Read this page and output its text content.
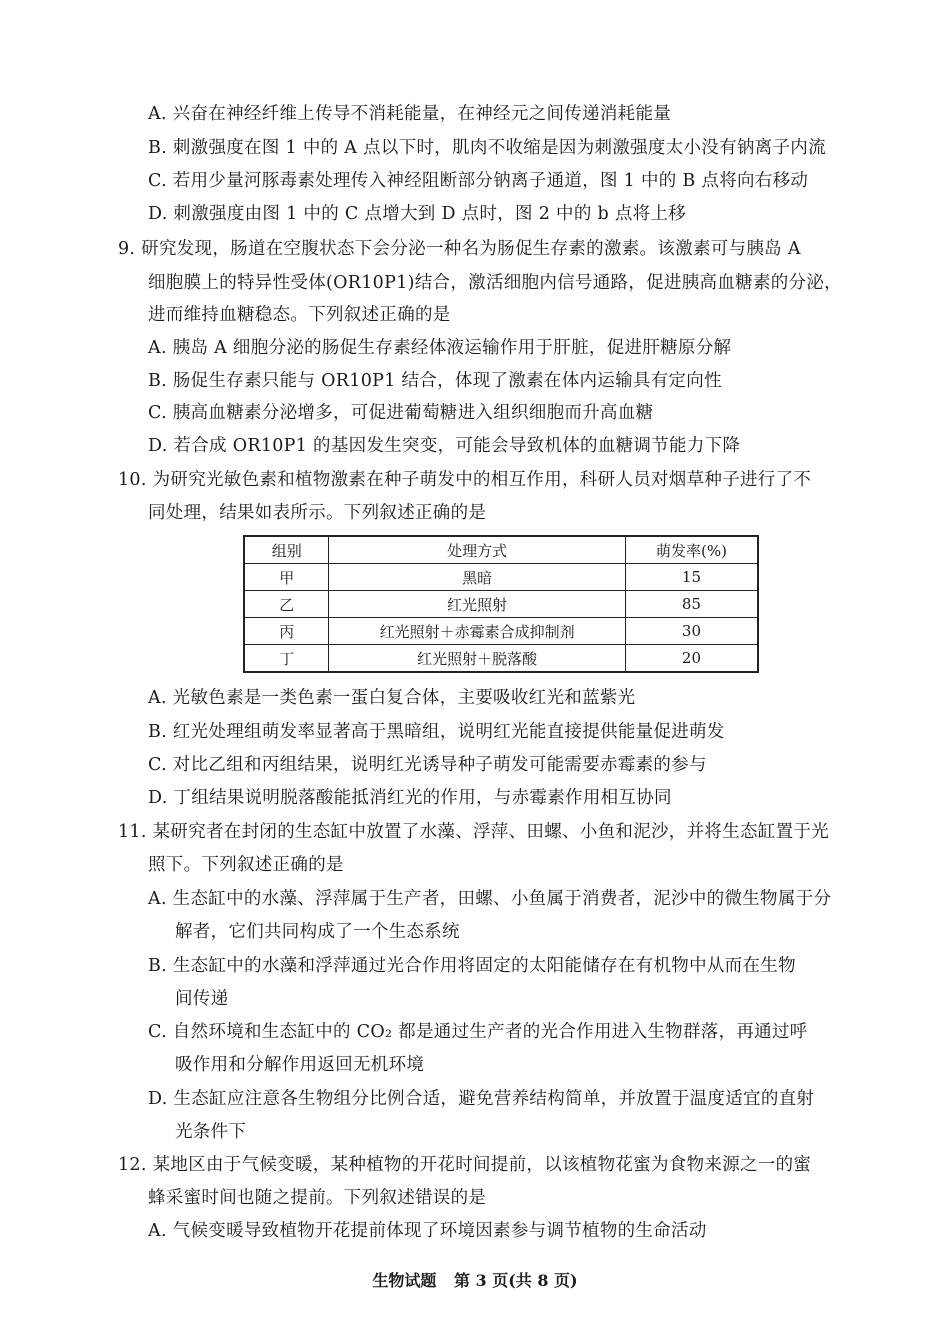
A. 兴奋在神经纤维上传导不消耗能量，在神经元之间传递消耗能量
B. 刺激强度在图 1 中的 A 点以下时，肌肉不收缩是因为刺激强度太小没有钠离子内流
C. 若用少量河豚毒素处理传入神经阻断部分钠离子通道，图 1 中的 B 点将向右移动
D. 刺激强度由图 1 中的 C 点增大到 D 点时，图 2 中的 b 点将上移
9. 研究发现，肠道在空腹状态下会分泌一种名为肠促生存素的激素。该激素可与胰岛 A
细胞膜上的特异性受体(OR10P1)结合，激活细胞内信号通路，促进胰高血糖素的分泌，
进而维持血糖稳态。下列叙述正确的是
A. 胰岛 A 细胞分泌的肠促生存素经体液运输作用于肝脏，促进肝糖原分解
B. 肠促生存素只能与 OR10P1 结合，体现了激素在体内运输具有定向性
C. 胰高血糖素分泌增多，可促进葡萄糖进入组织细胞而升高血糖
D. 若合成 OR10P1 的基因发生突变，可能会导致机体的血糖调节能力下降
10. 为研究光敏色素和植物激素在种子萌发中的相互作用，科研人员对烟草种子进行了不
同处理，结果如表所示。下列叙述正确的是
组别	处理方式	萌发率(%)
甲	黑暗	15
乙	红光照射	85
丙	红光照射＋赤霉素合成抑制剂	30
丁	红光照射＋脱落酸	20
A. 光敏色素是一类色素一蛋白复合体，主要吸收红光和蓝紫光
B. 红光处理组萌发率显著高于黑暗组，说明红光能直接提供能量促进萌发
C. 对比乙组和丙组结果，说明红光诱导种子萌发可能需要赤霉素的参与
D. 丁组结果说明脱落酸能抵消红光的作用，与赤霉素作用相互协同
11. 某研究者在封闭的生态缸中放置了水藻、浮萍、田螺、小鱼和泥沙，并将生态缸置于光
照下。下列叙述正确的是
A. 生态缸中的水藻、浮萍属于生产者，田螺、小鱼属于消费者，泥沙中的微生物属于分
解者，它们共同构成了一个生态系统
B. 生态缸中的水藻和浮萍通过光合作用将固定的太阳能储存在有机物中从而在生物
间传递
C. 自然环境和生态缸中的 CO₂ 都是通过生产者的光合作用进入生物群落，再通过呼
吸作用和分解作用返回无机环境
D. 生态缸应注意各生物组分比例合适，避免营养结构简单，并放置于温度适宜的直射
光条件下
12. 某地区由于气候变暖，某种植物的开花时间提前，以该植物花蜜为食物来源之一的蜜
蜂采蜜时间也随之提前。下列叙述错误的是
A. 气候变暖导致植物开花提前体现了环境因素参与调节植物的生命活动
生物试题 第 3 页(共 8 页)
